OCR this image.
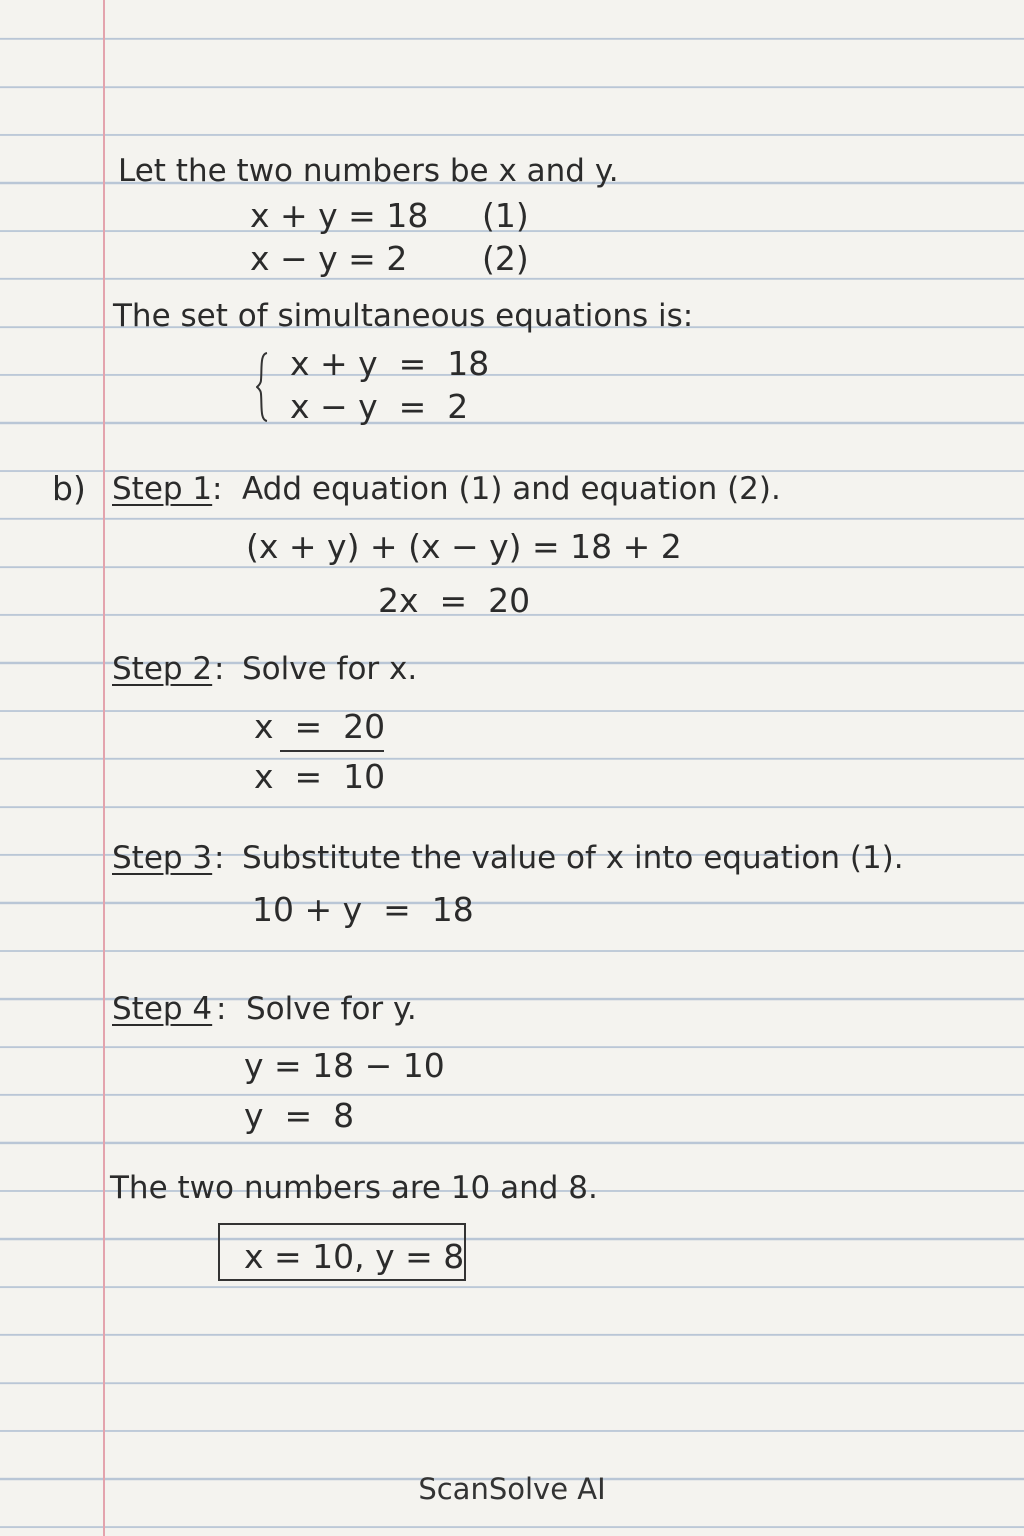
Let the two numbers be x and y.
x + y = 18 (1)
x − y = 2 (2)
The set of simultaneous equations is:
x + y  =  18
x − y  =  2
b) Step 1 : Add equation (1) and equation (2).
(x + y) + (x − y) = 18 + 2
2x  =  20
Step 2 : Solve for x.
x  =  20
x  =  10
Step 3 : Substitute the value of x into equation (1).
10 + y  =  18
Step 4 : Solve for y.
y = 18 − 10
y  =  8
The two numbers are 10 and 8.
x = 10, y = 8
ScanSolve AI
